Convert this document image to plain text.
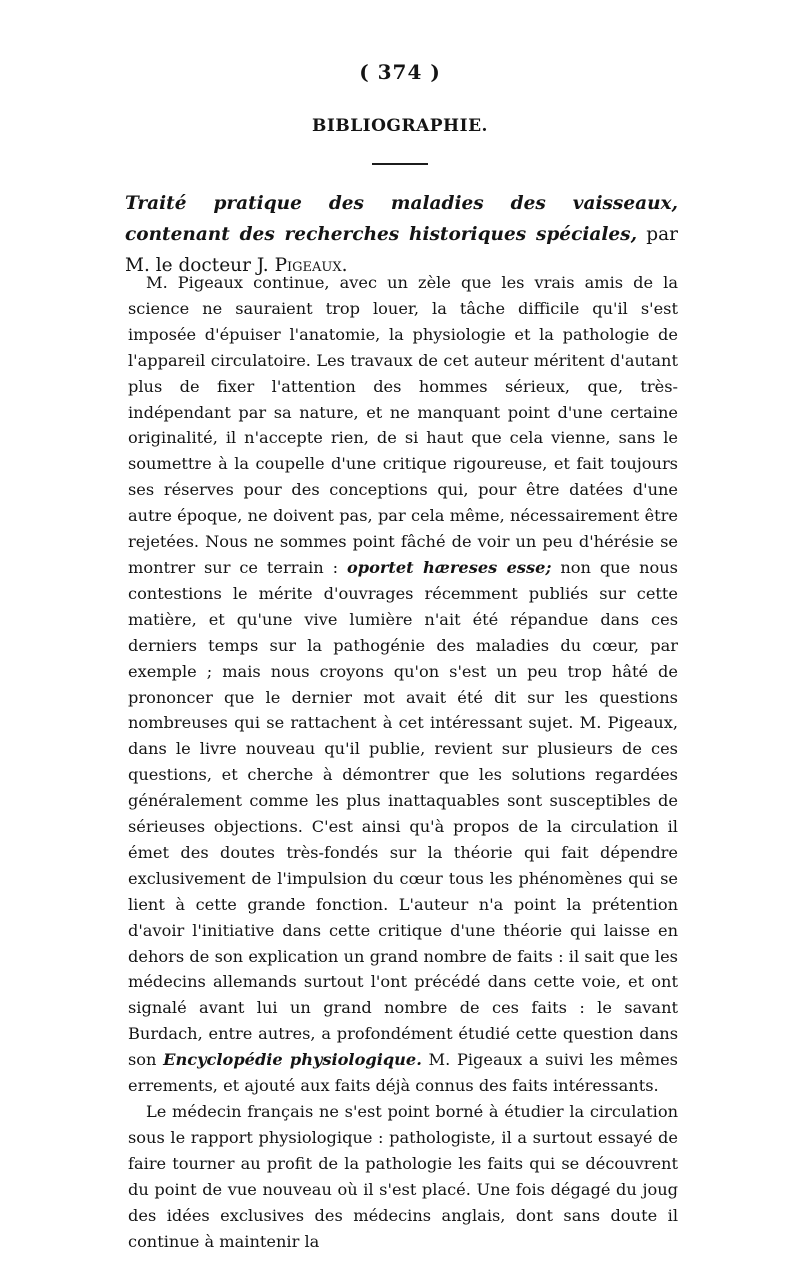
( 374 )
BIBLIOGRAPHIE.
Traité pratique des maladies des vaisseaux, contenant des recherches historiques spéciales, par M. le docteur J. Pigeaux.

M. Pigeaux continue, avec un zèle que les vrais amis de la science ne sauraient trop louer, la tâche difficile qu'il s'est imposée d'épuiser l'anatomie, la physiologie et la pathologie de l'appareil circulatoire. Les travaux de cet auteur méritent d'autant plus de fixer l'attention des hommes sérieux, que, très-indépendant par sa nature, et ne manquant point d'une certaine originalité, il n'accepte rien, de si haut que cela vienne, sans le soumettre à la coupelle d'une critique rigoureuse, et fait toujours ses réserves pour des conceptions qui, pour être datées d'une autre époque, ne doivent pas, par cela même, nécessairement être rejetées. Nous ne sommes point fâché de voir un peu d'hérésie se montrer sur ce terrain : oportet hæreses esse; non que nous contestions le mérite d'ouvrages récemment publiés sur cette matière, et qu'une vive lumière n'ait été répandue dans ces derniers temps sur la pathogénie des maladies du cœur, par exemple ; mais nous croyons qu'on s'est un peu trop hâté de prononcer que le dernier mot avait été dit sur les questions nombreuses qui se rattachent à cet intéressant sujet. M. Pigeaux, dans le livre nouveau qu'il publie, revient sur plusieurs de ces questions, et cherche à démontrer que les solutions regardées généralement comme les plus inattaquables sont susceptibles de sérieuses objections. C'est ainsi qu'à propos de la circulation il émet des doutes très-fondés sur la théorie qui fait dépendre exclusivement de l'impulsion du cœur tous les phénomènes qui se lient à cette grande fonction. L'auteur n'a point la prétention d'avoir l'initiative dans cette critique d'une théorie qui laisse en dehors de son explication un grand nombre de faits : il sait que les médecins allemands surtout l'ont précédé dans cette voie, et ont signalé avant lui un grand nombre de ces faits : le savant Burdach, entre autres, a profondément étudié cette question dans son Encyclopédie physiologique. M. Pigeaux a suivi les mêmes errements, et ajouté aux faits déjà connus des faits intéressants.

Le médecin français ne s'est point borné à étudier la circulation sous le rapport physiologique : pathologiste, il a surtout essayé de faire tourner au profit de la pathologie les faits qui se découvrent du point de vue nouveau où il s'est placé. Une fois dégagé du joug des idées exclusives des médecins anglais, dont sans doute il continue à maintenir la
